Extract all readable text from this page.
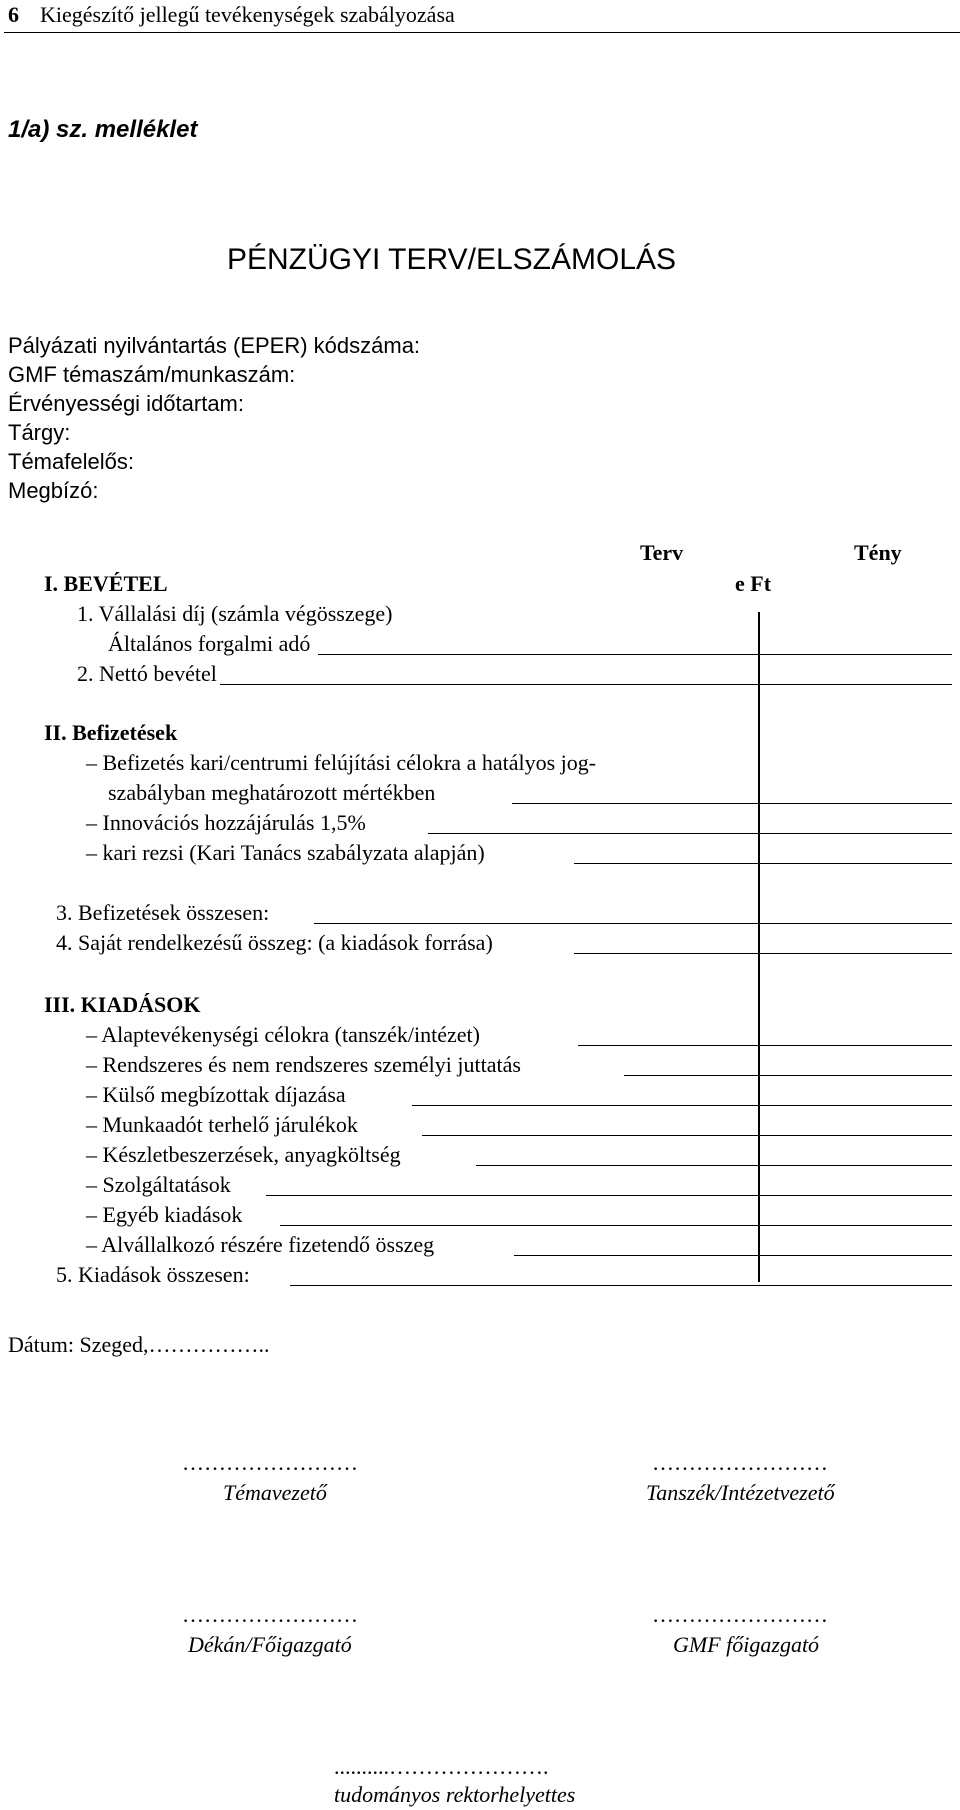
6 Kiegészítő jellegű tevékenységek szabályozása
1/a) sz. melléklet
PÉNZÜGYI TERV/ELSZÁMOLÁS
Pályázati nyilvántartás (EPER) kódszáma:
GMF témaszám/munkaszám:
Érvényességi időtartam:
Tárgy:
Témafelelős:
Megbízó:
Terv	Tény
e Ft
I. BEVÉTEL
1. Vállalási díj (számla végösszege)
Általános forgalmi adó
2. Nettó bevétel
II. Befizetések
– Befizetés kari/centrumi felújítási célokra a hatályos jog-
szabályban meghatározott mértékben
– Innovációs hozzájárulás 1,5%
– kari rezsi (Kari Tanács szabályzata alapján)
3. Befizetések összesen:
4. Saját rendelkezésű összeg: (a kiadások forrása)
III. KIADÁSOK
– Alaptevékenységi célokra (tanszék/intézet)
– Rendszeres és nem rendszeres személyi juttatás
– Külső megbízottak díjazása
– Munkaadót terhelő járulékok
– Készletbeszerzések, anyagköltség
– Szolgáltatások
– Egyéb kiadások
– Alvállalkozó részére fizetendő összeg
5. Kiadások összesen:
Dátum: Szeged,……………..
……………………
Témavezető
……………………
Tanszék/Intézetvezető
……………………
Dékán/Főigazgató
……………………
GMF főigazgató
..........………………….
tudományos rektorhelyettes
